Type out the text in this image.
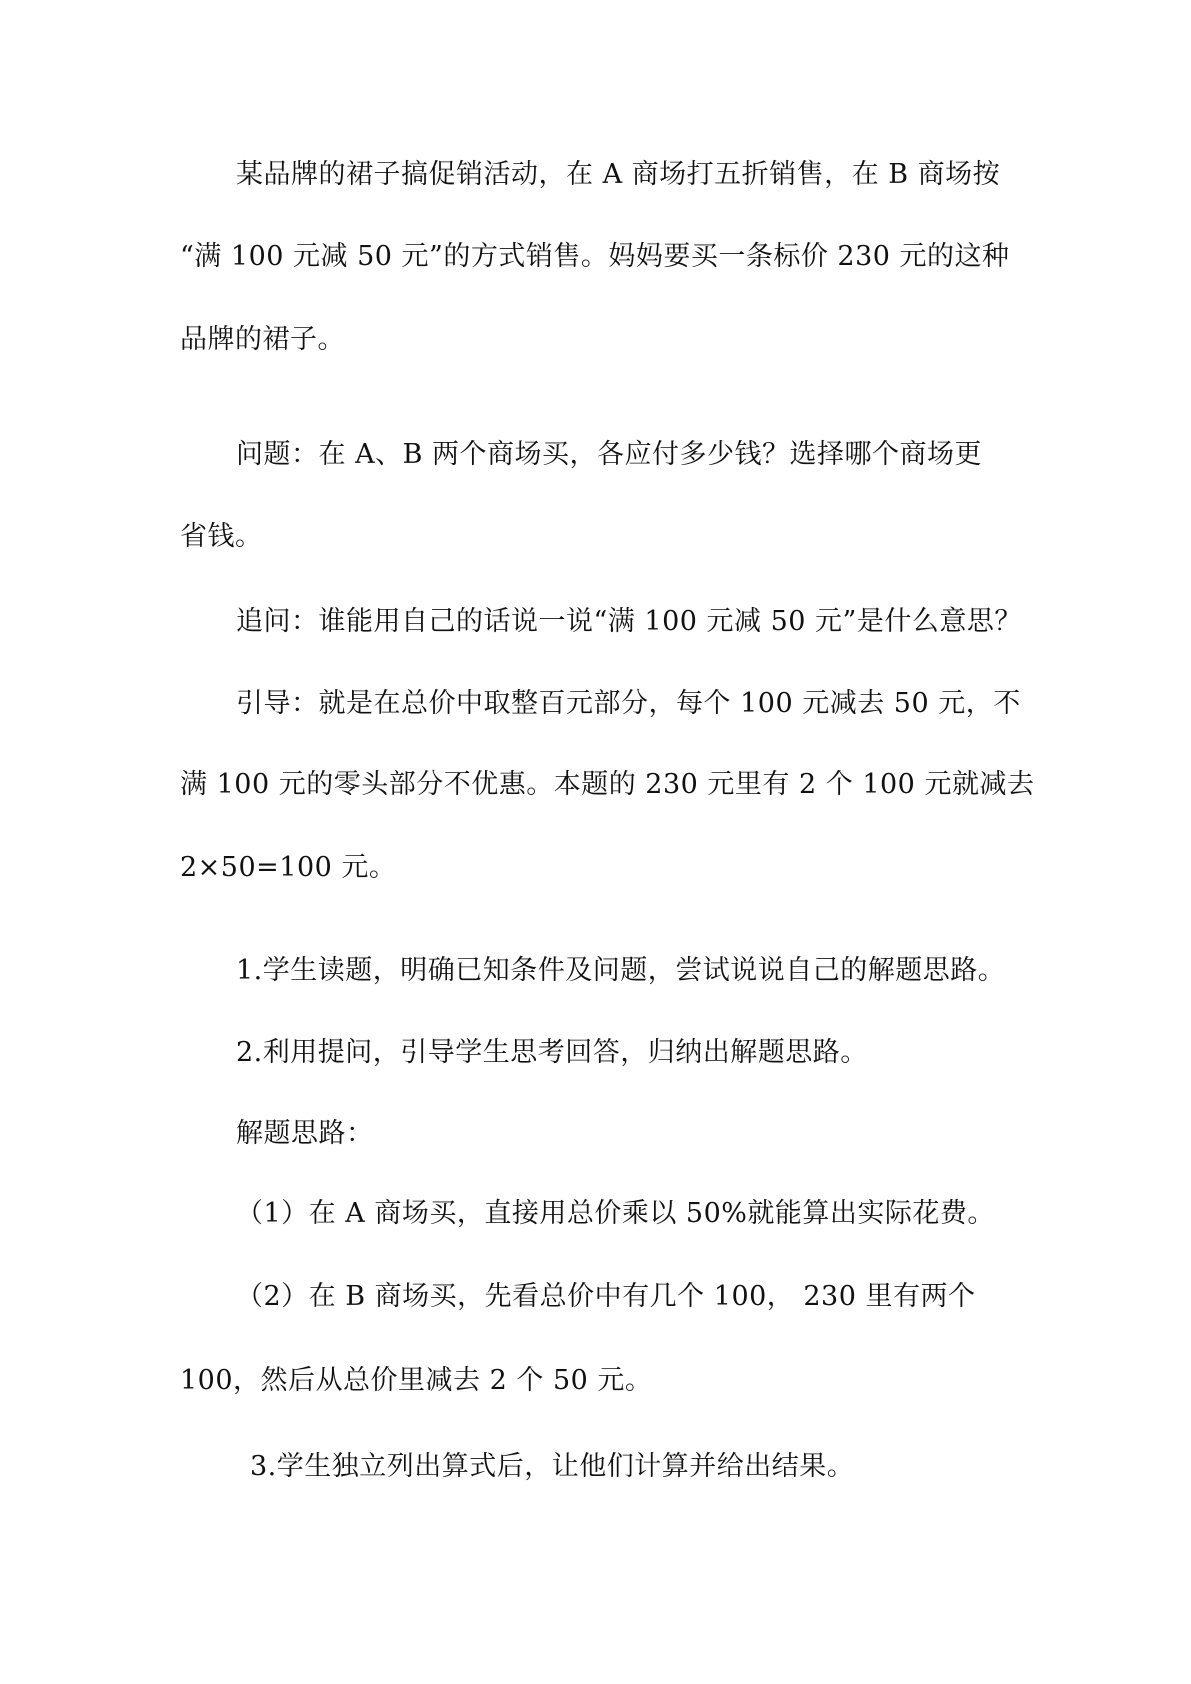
某品牌的裙子搞促销活动，在 A 商场打五折销售，在 B 商场按
“满 100 元减 50 元”的方式销售。妈妈要买一条标价 230 元的这种
品牌的裙子。
问题：在 A、B 两个商场买，各应付多少钱？选择哪个商场更
省钱。
追问：谁能用自己的话说一说“满 100 元减 50 元”是什么意思？
引导：就是在总价中取整百元部分，每个 100 元减去 50 元，不
满 100 元的零头部分不优惠。本题的 230 元里有 2 个 100 元就减去
2×50=100 元。
1.学生读题，明确已知条件及问题，尝试说说自己的解题思路。
2.利用提问，引导学生思考回答，归纳出解题思路。
解题思路：
（1）在 A 商场买，直接用总价乘以 50%就能算出实际花费。
（2）在 B 商场买，先看总价中有几个 100， 230 里有两个
100，然后从总价里减去 2 个 50 元。
3.学生独立列出算式后，让他们计算并给出结果。
